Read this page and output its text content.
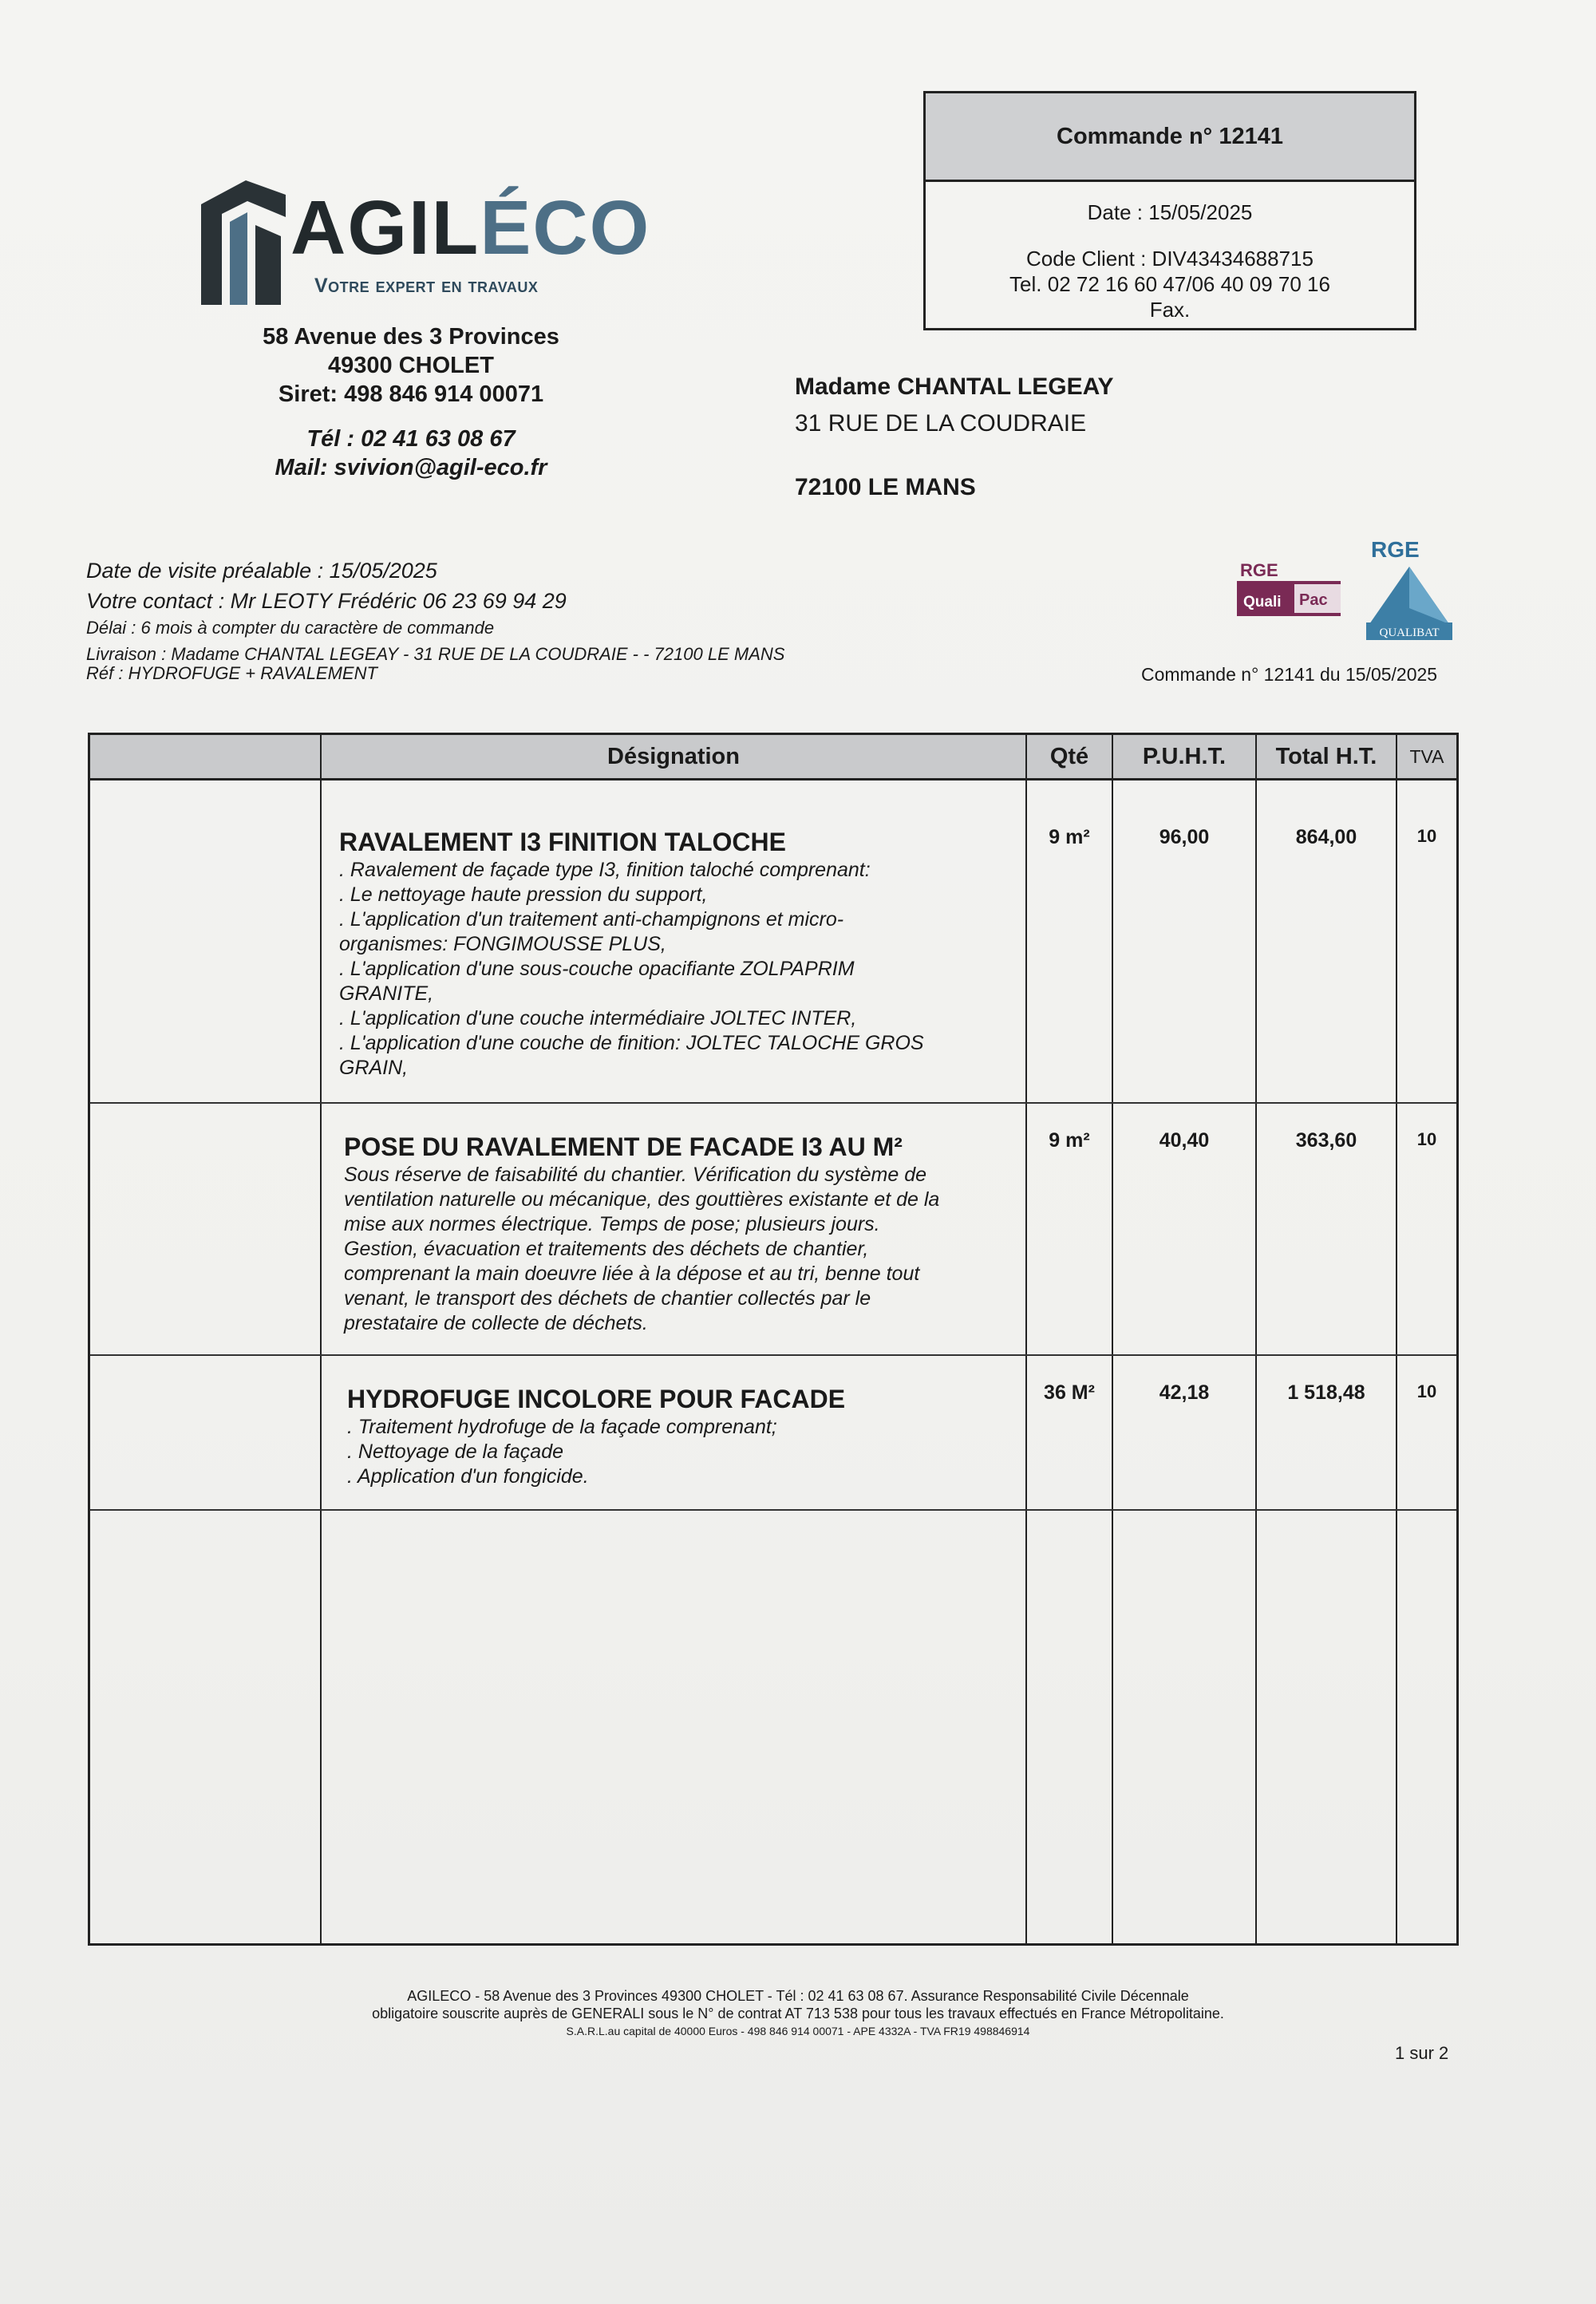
AGILÉCO
Votre expert en travaux
58 Avenue des 3 Provinces
49300 CHOLET
Siret: 498 846 914 00071
Tél : 02 41 63 08 67
Mail: svivion@agil-eco.fr
Commande n° 12141
Date : 15/05/2025
Code Client : DIV43434688715
Tel. 02 72 16 60 47/06 40 09 70 16
Fax.
Madame CHANTAL LEGEAY
31 RUE DE LA COUDRAIE
72100 LE MANS
Date de visite préalable : 15/05/2025
Votre contact : Mr LEOTY Frédéric 06 23 69 94 29
Délai : 6 mois à compter du caractère de commande
Livraison : Madame CHANTAL LEGEAY - 31 RUE DE LA COUDRAIE - - 72100 LE MANS
Réf : HYDROFUGE + RAVALEMENT	Commande n° 12141 du 15/05/2025
RGE
Quali Pac
RGE
QUALIBAT
Désignation	Qté	P.U.H.T.	Total H.T.	TVA
RAVALEMENT I3 FINITION TALOCHE
. Ravalement de façade type I3, finition taloché comprenant:
. Le nettoyage haute pression du support,
. L'application d'un traitement anti-champignons et micro-
organismes: FONGIMOUSSE PLUS,
. L'application d'une sous-couche opacifiante ZOLPAPRIM
GRANITE,
. L'application d'une couche intermédiaire JOLTEC INTER,
. L'application d'une couche de finition: JOLTEC TALOCHE GROS
GRAIN,
9 m²	96,00	864,00	10
POSE DU RAVALEMENT DE FACADE I3 AU M²
Sous réserve de faisabilité du chantier. Vérification du système de
ventilation naturelle ou mécanique, des gouttières existante et de la
mise aux normes électrique. Temps de pose; plusieurs jours.
Gestion, évacuation et traitements des déchets de chantier,
comprenant la main doeuvre liée à la dépose et au tri, benne tout
venant, le transport des déchets de chantier collectés par le
prestataire de collecte de déchets.
9 m²	40,40	363,60	10
HYDROFUGE INCOLORE POUR FACADE
. Traitement hydrofuge de la façade comprenant;
. Nettoyage de la façade
. Application d'un fongicide.
36 M²	42,18	1 518,48	10
AGILECO - 58 Avenue des 3 Provinces 49300 CHOLET - Tél : 02 41 63 08 67. Assurance Responsabilité Civile Décennale
obligatoire souscrite auprès de GENERALI sous le N° de contrat AT 713 538 pour tous les travaux effectués en France Métropolitaine.
S.A.R.L.au capital de 40000 Euros - 498 846 914 00071 - APE 4332A - TVA FR19 498846914
1 sur 2
